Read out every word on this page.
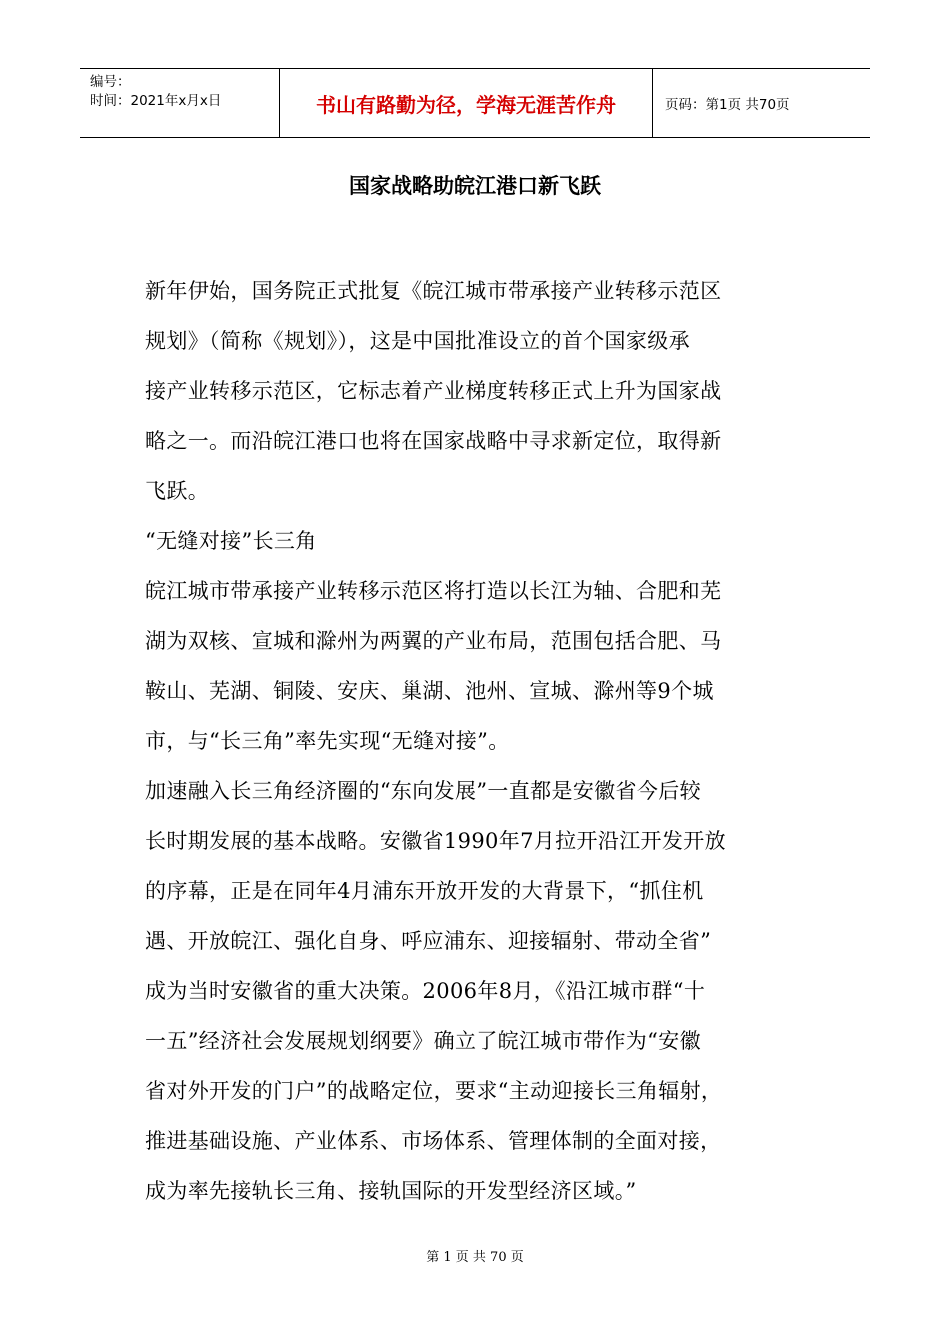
编号：
时间：2021年x月x日	书山有路勤为径，学海无涯苦作舟	页码：第1页 共70页
国家战略助皖江港口新飞跃
新年伊始，国务院正式批复《皖江城市带承接产业转移示范区
规划》（简称《规划》），这是中国批准设立的首个国家级承
接产业转移示范区，它标志着产业梯度转移正式上升为国家战
略之一。而沿皖江港口也将在国家战略中寻求新定位，取得新
飞跃。
“无缝对接”长三角
皖江城市带承接产业转移示范区将打造以长江为轴、合肥和芜
湖为双核、宣城和滁州为两翼的产业布局，范围包括合肥、马
鞍山、芜湖、铜陵、安庆、巢湖、池州、宣城、滁州等9个城
市，与“长三角”率先实现“无缝对接”。
加速融入长三角经济圈的“东向发展”一直都是安徽省今后较
长时期发展的基本战略。安徽省1990年7月拉开沿江开发开放
的序幕，正是在同年4月浦东开放开发的大背景下，“抓住机
遇、开放皖江、强化自身、呼应浦东、迎接辐射、带动全省”
成为当时安徽省的重大决策。2006年8月，《沿江城市群“十
一五”经济社会发展规划纲要》确立了皖江城市带作为“安徽
省对外开发的门户”的战略定位，要求“主动迎接长三角辐射，
推进基础设施、产业体系、市场体系、管理体制的全面对接，
成为率先接轨长三角、接轨国际的开发型经济区域。”
第 1 页 共 70 页
